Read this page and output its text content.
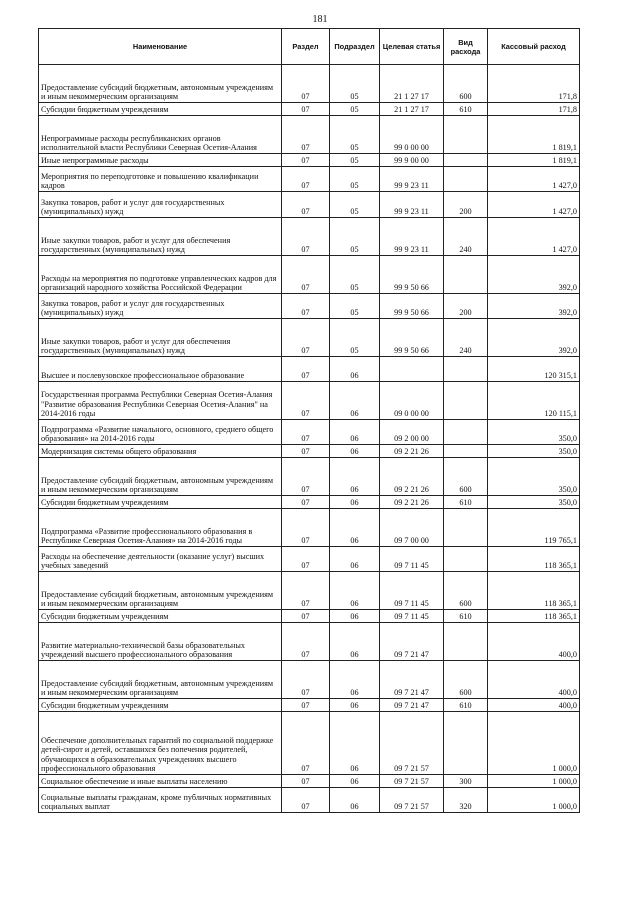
181
Наименование	Раздел	Подраздел	Целевая статья	Вид расхода	Кассовый расход
Предоставление субсидий бюджетным, автономным учреждениям и иным некоммерческим организациям	07	05	21 1 27 17	600	171,8
Субсидии бюджетным учреждениям	07	05	21 1 27 17	610	171,8
Непрограммные расходы республиканских органов исполнительной власти Республики Северная Осетия-Алания	07	05	99 0 00 00		1 819,1
Иные непрограммные расходы	07	05	99 9 00 00		1 819,1
Мероприятия по переподготовке и повышению квалификации кадров	07	05	99 9 23 11		1 427,0
Закупка товаров, работ и услуг для государственных (муниципальных) нужд	07	05	99 9 23 11	200	1 427,0
Иные закупки товаров, работ и услуг для обеспечения государственных (муниципальных) нужд	07	05	99 9 23 11	240	1 427,0
Расходы на мероприятия по подготовке управленческих кадров для организаций народного хозяйства Российской Федерации	07	05	99 9 50 66		392,0
Закупка товаров, работ и услуг для государственных (муниципальных) нужд	07	05	99 9 50 66	200	392,0
Иные закупки товаров, работ и услуг для обеспечения государственных (муниципальных) нужд	07	05	99 9 50 66	240	392,0
Высшее и послевузовское профессиональное образование	07	06			120 315,1
Государственная программа Республики Северная Осетия-Алания "Развитие образования Республики Северная Осетия-Алания" на 2014-2016 годы	07	06	09 0 00 00		120 115,1
Подпрограмма «Развитие начального, основного, среднего общего образования» на 2014-2016 годы	07	06	09 2 00 00		350,0
Модернизация системы общего образования	07	06	09 2 21 26		350,0
Предоставление субсидий бюджетным, автономным учреждениям и иным некоммерческим организациям	07	06	09 2 21 26	600	350,0
Субсидии бюджетным учреждениям	07	06	09 2 21 26	610	350,0
Подпрограмма «Развитие профессионального образования в Республике Северная Осетия-Алания» на 2014-2016 годы	07	06	09 7 00 00		119 765,1
Расходы на обеспечение деятельности (оказание услуг) высших учебных заведений	07	06	09 7 11 45		118 365,1
Предоставление субсидий бюджетным, автономным учреждениям и иным некоммерческим организациям	07	06	09 7 11 45	600	118 365,1
Субсидии бюджетным учреждениям	07	06	09 7 11 45	610	118 365,1
Развитие материально-технической базы образовательных учреждений высшего профессионального образования	07	06	09 7 21 47		400,0
Предоставление субсидий бюджетным, автономным учреждениям и иным некоммерческим организациям	07	06	09 7 21 47	600	400,0
Субсидии бюджетным учреждениям	07	06	09 7 21 47	610	400,0
Обеспечение дополнительных гарантий по социальной поддержке детей-сирот и детей, оставшихся без попечения родителей, обучающихся в образовательных учреждениях высшего профессионального образования	07	06	09 7 21 57		1 000,0
Социальное обеспечение и иные выплаты населению	07	06	09 7 21 57	300	1 000,0
Социальные выплаты гражданам, кроме публичных нормативных социальных выплат	07	06	09 7 21 57	320	1 000,0
